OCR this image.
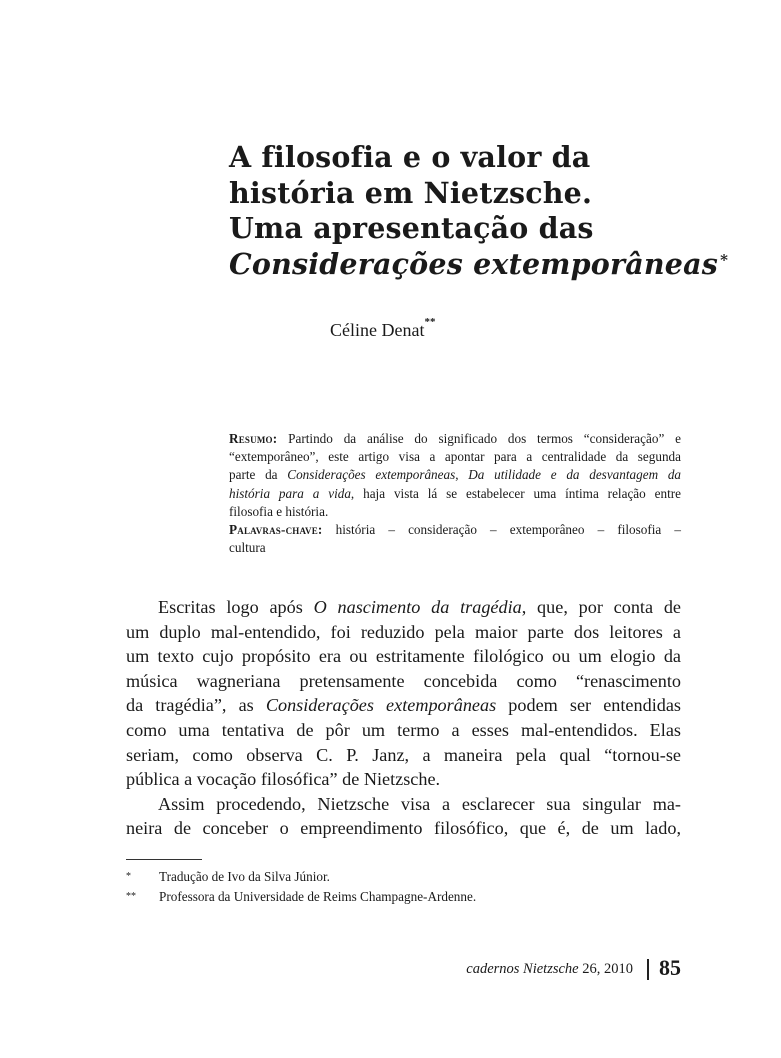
A filosofia e o valor da
história em Nietzsche.
Uma apresentação das
Considerações extemporâneas *
Céline Denat**
Resumo: Partindo da análise do significado dos termos “consideração” e
“extemporâneo”, este artigo visa a apontar para a centralidade da segunda
parte da Considerações extemporâneas, Da utilidade e da desvantagem da
história para a vida, haja vista lá se estabelecer uma íntima relação entre
filosofia e história.
Palavras-chave: história – consideração – extemporâneo – filosofia –
cultura
Escritas logo após O nascimento da tragédia, que, por conta de
um duplo mal-entendido, foi reduzido pela maior parte dos leitores a
um texto cujo propósito era ou estritamente filológico ou um elogio da
música wagneriana pretensamente concebida como “renascimento
da tragédia”, as Considerações extemporâneas podem ser entendidas
como uma tentativa de pôr um termo a esses mal-entendidos. Elas
seriam, como observa C. P. Janz, a maneira pela qual “tornou-se
pública a vocação filosófica” de Nietzsche.
Assim procedendo, Nietzsche visa a esclarecer sua singular ma-
neira de conceber o empreendimento filosófico, que é, de um lado,
* Tradução de Ivo da Silva Júnior.
** Professora da Universidade de Reims Champagne-Ardenne.
cadernos Nietzsche 26, 2010 85
